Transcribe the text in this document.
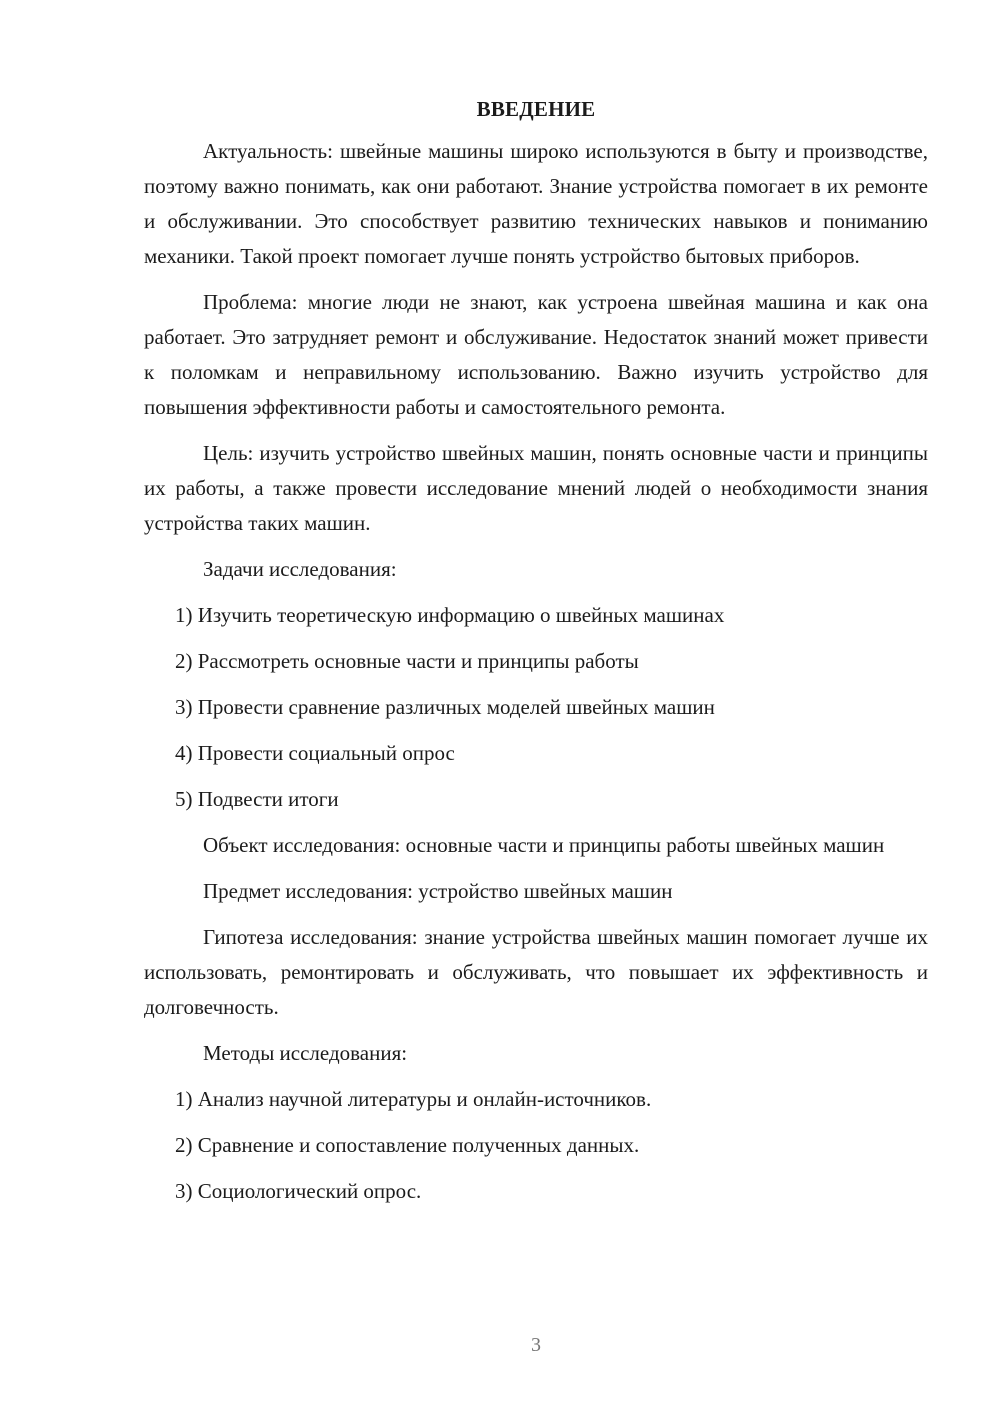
ВВЕДЕНИЕ

Актуальность: швейные машины широко используются в быту и производстве, поэтому важно понимать, как они работают. Знание устройства помогает в их ремонте и обслуживании. Это способствует развитию технических навыков и пониманию механики. Такой проект помогает лучше понять устройство бытовых приборов.

Проблема: многие люди не знают, как устроена швейная машина и как она работает. Это затрудняет ремонт и обслуживание. Недостаток знаний может привести к поломкам и неправильному использованию. Важно изучить устройство для повышения эффективности работы и самостоятельного ремонта.

Цель: изучить устройство швейных машин, понять основные части и принципы их работы, а также провести исследование мнений людей о необходимости знания устройства таких машин.

Задачи исследования:
1) Изучить теоретическую информацию о швейных машинах
2) Рассмотреть основные части и принципы работы
3) Провести сравнение различных моделей швейных машин
4) Провести социальный опрос
5) Подвести итоги

Объект исследования: основные части и принципы работы швейных машин

Предмет исследования: устройство швейных машин

Гипотеза исследования: знание устройства швейных машин помогает лучше их использовать, ремонтировать и обслуживать, что повышает их эффективность и долговечность.

Методы исследования:
1) Анализ научной литературы и онлайн-источников.
2) Сравнение и сопоставление полученных данных.
3) Социологический опрос.
3
